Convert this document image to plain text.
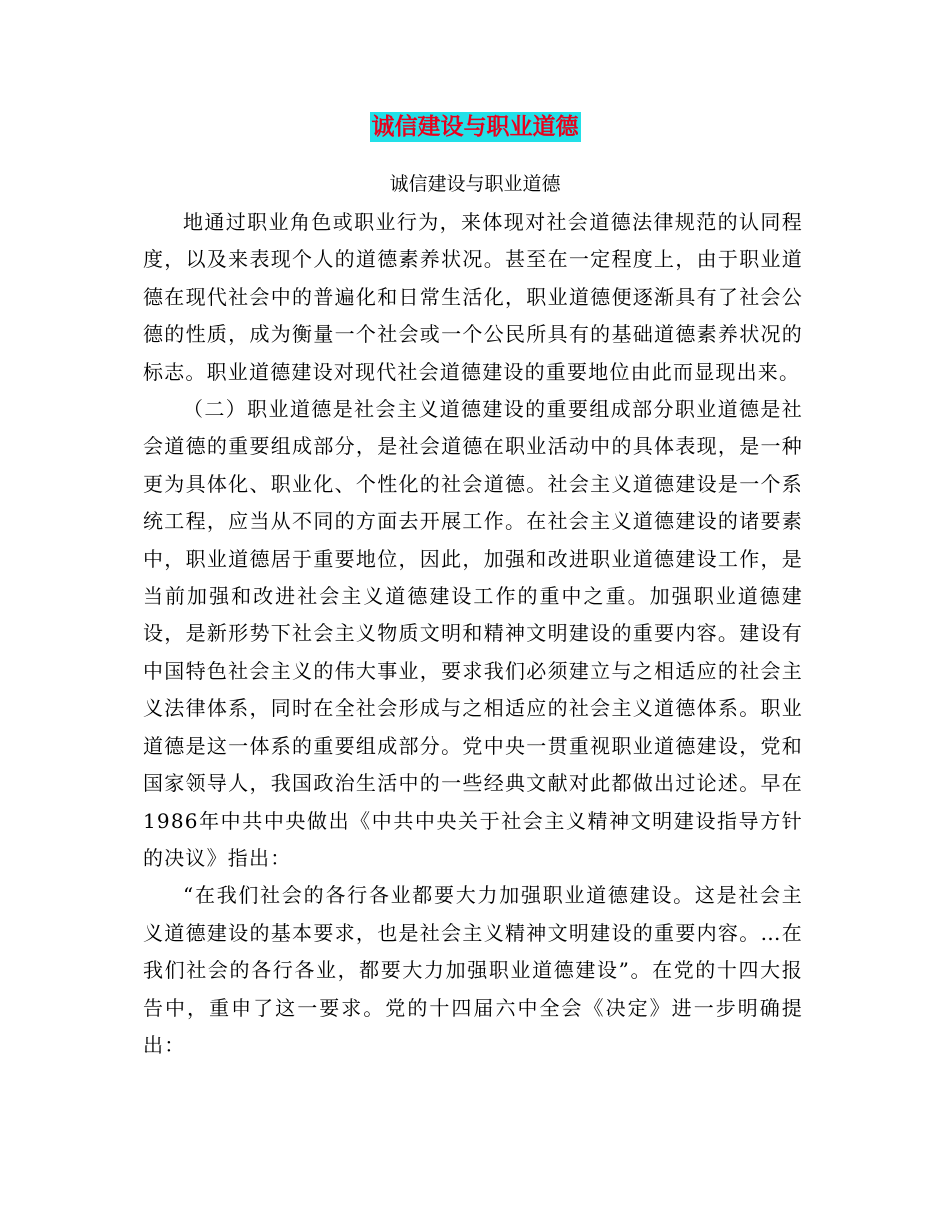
诚信建设与职业道德
诚信建设与职业道德

地通过职业角色或职业行为，来体现对社会道德法律规范的认同程度，以及来表现个人的道德素养状况。甚至在一定程度上，由于职业道德在现代社会中的普遍化和日常生活化，职业道德便逐渐具有了社会公德的性质，成为衡量一个社会或一个公民所具有的基础道德素养状况的标志。职业道德建设对现代社会道德建设的重要地位由此而显现出来。

（二）职业道德是社会主义道德建设的重要组成部分职业道德是社会道德的重要组成部分，是社会道德在职业活动中的具体表现，是一种更为具体化、职业化、个性化的社会道德。社会主义道德建设是一个系统工程，应当从不同的方面去开展工作。在社会主义道德建设的诸要素中，职业道德居于重要地位，因此，加强和改进职业道德建设工作，是当前加强和改进社会主义道德建设工作的重中之重。加强职业道德建设，是新形势下社会主义物质文明和精神文明建设的重要内容。建设有中国特色社会主义的伟大事业，要求我们必须建立与之相适应的社会主义法律体系，同时在全社会形成与之相适应的社会主义道德体系。职业道德是这一体系的重要组成部分。党中央一贯重视职业道德建设，党和国家领导人，我国政治生活中的一些经典文献对此都做出过论述。早在1986年中共中央做出《中共中央关于社会主义精神文明建设指导方针的决议》指出：

“在我们社会的各行各业都要大力加强职业道德建设。这是社会主义道德建设的基本要求，也是社会主义精神文明建设的重要内容。…在我们社会的各行各业，都要大力加强职业道德建设”。在党的十四大报告中，重申了这一要求。党的十四届六中全会《决定》进一步明确提出：
